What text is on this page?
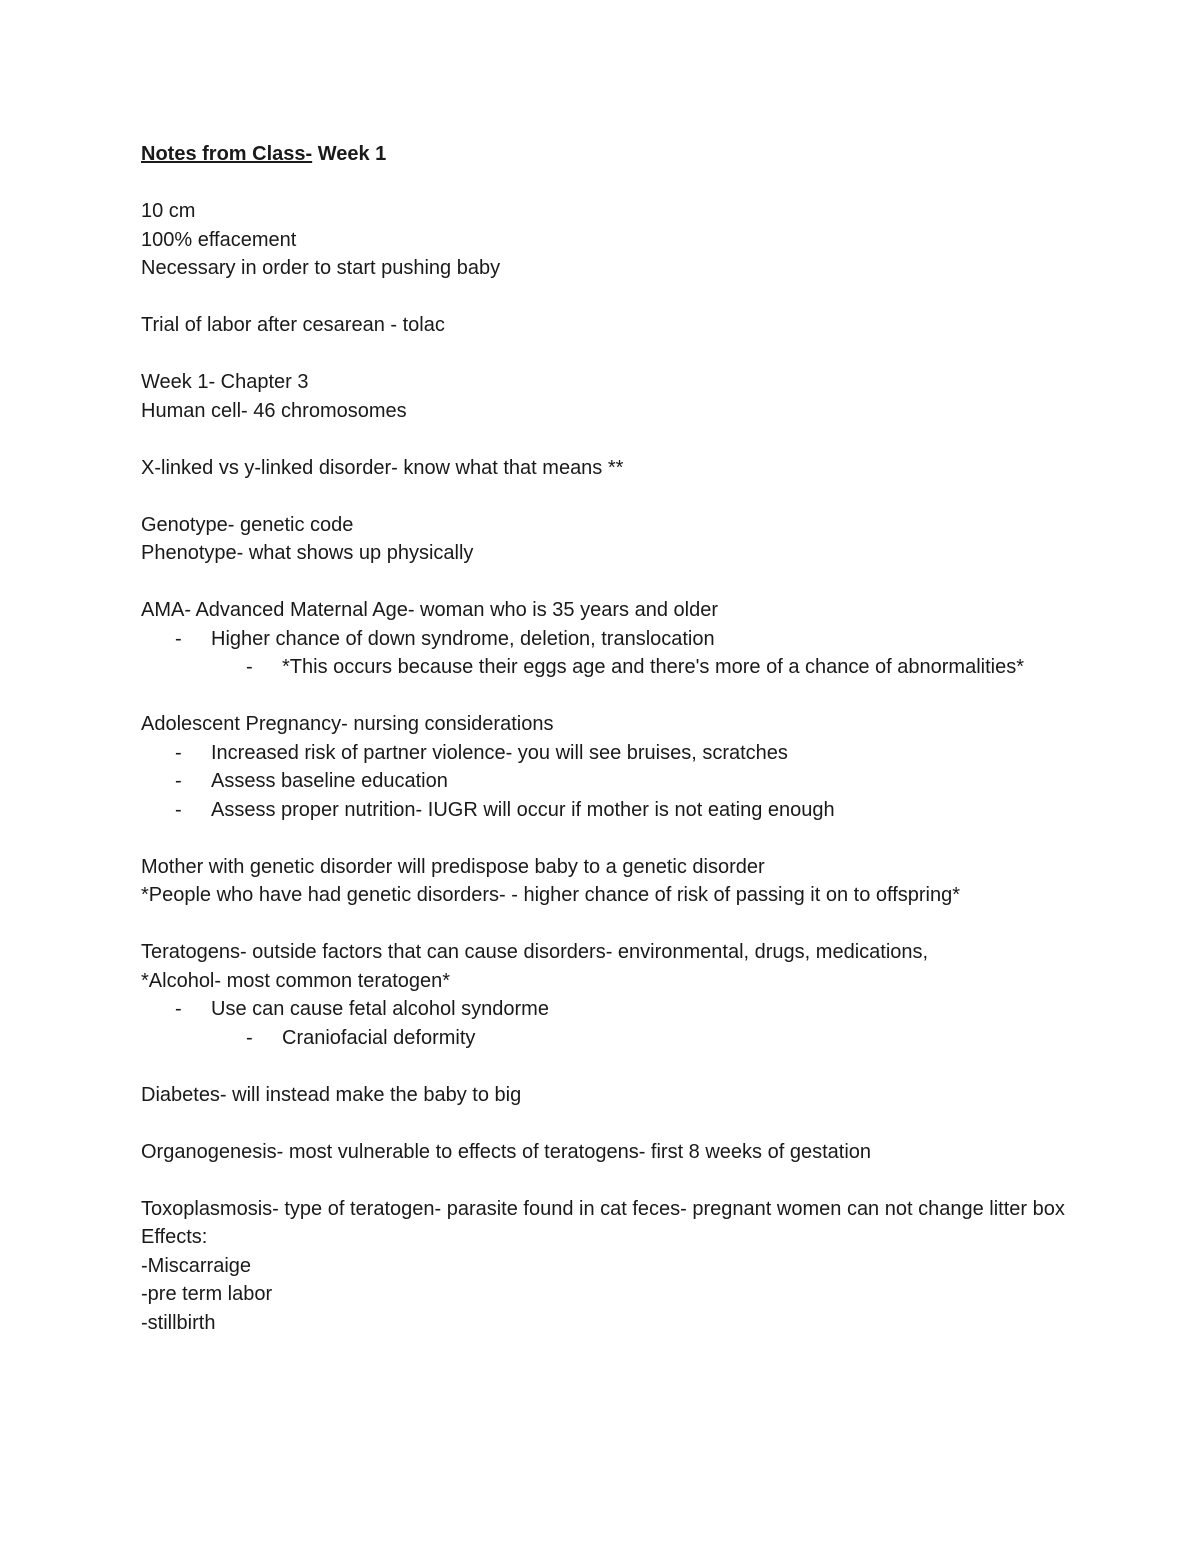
Notes from Class- Week 1
10 cm
100% effacement
Necessary in order to start pushing baby
Trial of labor after cesarean - tolac
Week 1- Chapter 3
Human cell- 46 chromosomes
X-linked vs y-linked disorder- know what that means **
Genotype- genetic code
Phenotype- what shows up physically
AMA- Advanced Maternal Age- woman who is 35 years and older
- Higher chance of down syndrome, deletion, translocation
- *This occurs because their eggs age and there's more of a chance of abnormalities*
Adolescent Pregnancy- nursing considerations
- Increased risk of partner violence- you will see bruises, scratches
- Assess baseline education
- Assess proper nutrition- IUGR will occur if mother is not eating enough
Mother with genetic disorder will predispose baby to a genetic disorder
*People who have had genetic disorders- - higher chance of risk of passing it on to offspring*
Teratogens- outside factors that can cause disorders- environmental, drugs, medications,
*Alcohol- most common teratogen*
- Use can cause fetal alcohol syndorme
- Craniofacial deformity
Diabetes- will instead make the baby to big
Organogenesis- most vulnerable to effects of teratogens- first 8 weeks of gestation
Toxoplasmosis- type of teratogen- parasite found in cat feces- pregnant women can not change litter box
Effects:
-Miscarraige
-pre term labor
-stillbirth
